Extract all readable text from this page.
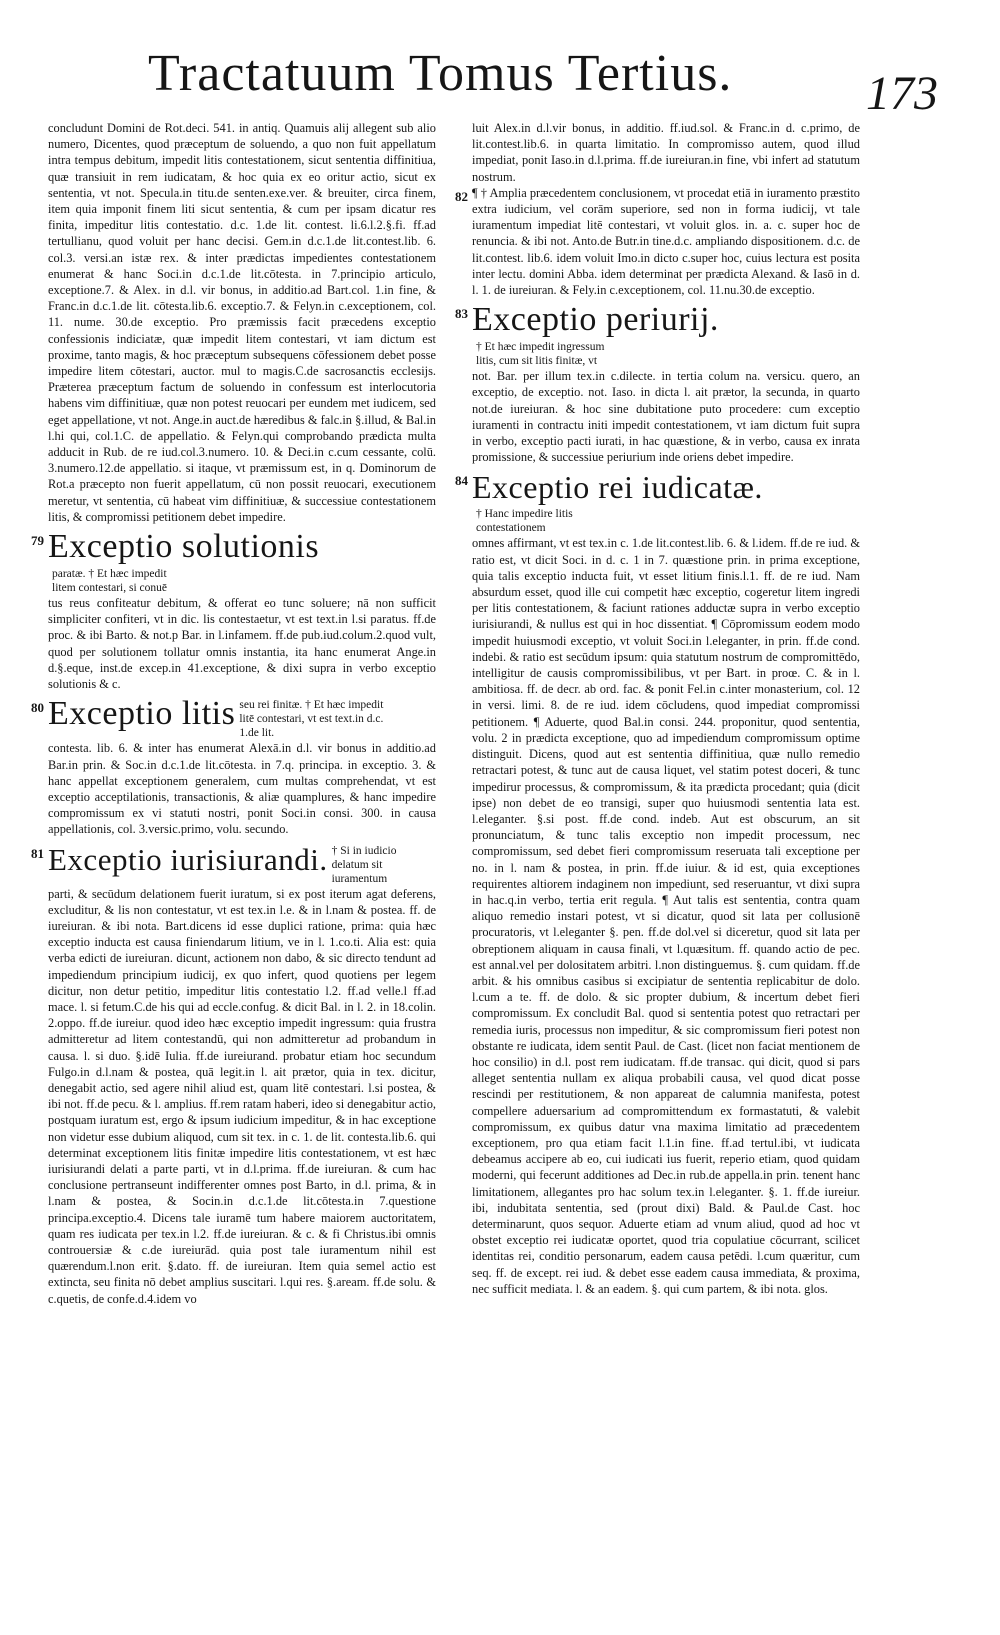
Tractatuum Tomus Tertius.	173

concludunt Domini de Rot.deci. 541. in antiq. Quamuis alij allegent sub alio numero, Dicentes, quod præceptum de soluendo, a quo non fuit appellatum intra tempus debitum, impedit litis contestationem, sicut sententia diffinitiua, quæ transiuit in rem iudicatam, & hoc quia ex eo oritur actio, sicut ex sententia, vt not. Specula.in titu.de senten.exe.ver. & breuiter, circa finem, item quia imponit finem liti sicut sententia, & cum per ipsam dicatur res finita, impeditur litis contestatio. d.c. 1.de lit. contest. li.6.l.2.§.fi. ff.ad tertullianu, quod voluit per hanc decisi. Gem.in d.c.1.de lit.contest.lib. 6. col.3. versi.an istæ rex. & inter prædictas impedientes contestationem enumerat & hanc Soci.in d.c.1.de lit.cōtesta. in 7.principio articulo, exceptione.7. & Alex. in d.l. vir bonus, in additio.ad Bart.col. 1.in fine, & Franc.in d.c.1.de lit. cōtesta.lib.6. exceptio.7. & Felyn.in c.exceptionem, col. 11. nume. 30.de exceptio. Pro præmissis facit præcedens exceptio confessionis indiciatæ, quæ impedit litem contestari, vt iam dictum est proxime, tanto magis, & hoc præceptum subsequens cōfessionem debet posse impedire litem cōtestari, auctor. mul to magis.C.de sacrosanctis ecclesijs. Præterea præceptum factum de soluendo in confessum est interlocutoria habens vim diffinitiuæ, quæ non potest reuocari per eundem met iudicem, sed eget appellatione, vt not. Ange.in auct.de hæredibus & falc.in §.illud, & Bal.in l.hi qui, col.1.C. de appellatio. & Felyn.qui comprobando prædicta multa adducit in Rub. de re iud.col.3.numero. 10. & Deci.in c.cum cessante, colū. 3.numero.12.de appellatio. si itaque, vt præmissum est, in q. Dominorum de Rot.a præcepto non fuerit appellatum, cū non possit reuocari, executionem meretur, vt sententia, cū habeat vim diffinitiuæ, & successiue contestationem litis, & compromissi petitionem debet impedire.

79 Exceptio solutionisparatæ. † Et hæc impedit litem contestari, si conuē

tus reus confiteatur debitum, & offerat eo tunc soluere; nā non sufficit simpliciter confiteri, vt in dic. lis contestaetur, vt est text.in l.si paratus. ff.de proc. & ibi Barto. & not.p Bar. in l.infamem. ff.de pub.iud.colum.2.quod vult, quod per solutionem tollatur omnis instantia, ita hanc enumerat Ange.in d.§.eque, inst.de excep.in 41.exceptione, & dixi supra in verbo exceptio solutionis & c.

80 Exceptio litis seu rei finitæ. † Et hæc impedit litē contestari, vt est text.in d.c. 1.de lit.

contesta. lib. 6. & inter has enumerat Alexā.in d.l. vir bonus in additio.ad Bar.in prin. & Soc.in d.c.1.de lit.cōtesta. in 7.q. principa. in exceptio. 3. & hanc appellat exceptionem generalem, cum multas comprehendat, vt est exceptio acceptilationis, transactionis, & aliæ quamplures, & hanc impedire compromissum ex vi statuti nostri, ponit Soci.in consi. 300. in causa appellationis, col. 3.versic.primo, volu. secundo.

81 Exceptio iurisiurandi. † Si in iudicio delatum sit iuramentum

parti, & secūdum delationem fuerit iuratum, si ex post iterum agat deferens, excluditur, & lis non contestatur, vt est tex.in l.e. & in l.nam & postea. ff. de iureiuran. & ibi nota. Bart.dicens id esse duplici ratione, prima: quia hæc exceptio inducta est causa finiendarum litium, ve in l. 1.co.ti. Alia est: quia verba edicti de iureiuran. dicunt, actionem non dabo, & sic directo tendunt ad impediendum principium iudicij, ex quo infert, quod quotiens per legem dicitur, non detur petitio, impeditur litis contestatio l.2. ff.ad velle.l ff.ad mace. l. si fetum.C.de his qui ad eccle.confug. & dicit Bal. in l. 2. in 18.colin. 2.oppo. ff.de iureiur. quod ideo hæc exceptio impedit ingressum: quia frustra admitteretur ad litem contestandū, qui non admitteretur ad probandum in causa. l. si duo. §.idē Iulia. ff.de iureiurand. probatur etiam hoc secundum Fulgo.in d.l.nam & postea, quā legit.in l. ait prætor, quia in tex. dicitur, denegabit actio, sed agere nihil aliud est, quam litē contestari. l.si postea, & ibi not. ff.de pecu. & l. amplius. ff.rem ratam haberi, ideo si denegabitur actio, postquam iuratum est, ergo & ipsum iudicium impeditur, & in hac exceptione non videtur esse dubium aliquod, cum sit tex. in c. 1. de lit. contesta.lib.6. qui determinat exceptionem litis finitæ impedire litis contestationem, vt est hæc iurisiurandi delati a parte parti, vt in d.l.prima. ff.de iureiuran. & cum hac conclusione pertranseunt indifferenter omnes post Barto, in d.l. prima, & in l.nam & postea, & Socin.in d.c.1.de lit.cōtesta.in 7.questione principa.exceptio.4. Dicens tale iuramē tum habere maiorem auctoritatem, quam res iudicata per tex.in l.2. ff.de iureiuran. & c. & fi Christus.ibi omnis controuersiæ & c.de iureiurād. quia post tale iuramentum nihil est quærendum.l.non erit. §.dato. ff. de iureiuran. Item quia semel actio est extincta, seu finita nō debet amplius suscitari. l.qui res. §.aream. ff.de solu. & c.quetis, de confe.d.4.idem vo

luit Alex.in d.l.vir bonus, in additio. ff.iud.sol. & Franc.in d. c.primo, de lit.contest.lib.6. in quarta limitatio. In compromisso autem, quod illud impediat, ponit Iaso.in d.l.prima. ff.de iureiuran.in fine, vbi infert ad statutum nostrum.

82 ¶ † Amplia præcedentem conclusionem, vt procedat etiā in iuramento præstito extra iudicium, vel corām superiore, sed non in forma iudicij, vt tale iuramentum impediat litē contestari, vt voluit glos. in. a. c. super hoc de renuncia. & ibi not. Anto.de Butr.in tine.d.c. ampliando dispositionem. d.c. de lit.contest. lib.6. idem voluit Imo.in dicto c.super hoc, cuius lectura est posita inter lectu. domini Abba. idem determinat per prædicta Alexand. & Iasō in d. l. 1. de iureiuran. & Fely.in c.exceptionem, col. 11.nu.30.de exceptio.

83 Exceptio periurij.† Et hæc impedit ingressum litis, cum sit litis finitæ, vt

not. Bar. per illum tex.in c.dilecte. in tertia colum na. versicu. quero, an exceptio, de exceptio. not. Iaso. in dicta l. ait prætor, la secunda, in quarto not.de iureiuran. & hoc sine dubitatione puto procedere: cum exceptio iuramenti in contractu initi impedit contestationem, vt iam dictum fuit supra in verbo, exceptio pacti iurati, in hac quæstione, & in verbo, causa ex inrata promissione, & successiue periurium inde oriens debet impedire.

84 Exceptio rei iudicatæ.† Hanc impedire litis contestationem

omnes affirmant, vt est tex.in c. 1.de lit.contest.lib. 6. & l.idem. ff.de re iud. & ratio est, vt dicit Soci. in d. c. 1 in 7. quæstione prin. in prima exceptione, quia talis exceptio inducta fuit, vt esset litium finis.l.1. ff. de re iud. Nam absurdum esset, quod ille cui competit hæc exceptio, cogeretur litem ingredi per litis contestationem, & faciunt rationes adductæ supra in verbo exceptio iurisiurandi, & nullus est qui in hoc dissentiat. ¶ Cōpromissum eodem modo impedit huiusmodi exceptio, vt voluit Soci.in l.eleganter, in prin. ff.de cond. indebi. & ratio est secūdum ipsum: quia statutum nostrum de compromittēdo, intelligitur de causis compromissibilibus, vt per Bart. in proœ. C. & in l. ambitiosa. ff. de decr. ab ord. fac. & ponit Fel.in c.inter monasterium, col. 12 in versi. limi. 8. de re iud. idem cōcludens, quod impediat compromissi petitionem. ¶ Aduerte, quod Bal.in consi. 244. proponitur, quod sententia, volu. 2 in prædicta exceptione, quo ad impediendum compromissum optime distinguit. Dicens, quod aut est sententia diffinitiua, quæ nullo remedio retractari potest, & tunc aut de causa liquet, vel statim potest doceri, & tunc impedirur processus, & compromissum, & ita prædicta procedant; quia (dicit ipse) non debet de eo transigi, super quo huiusmodi sententia lata est. l.eleganter. §.si post. ff.de cond. indeb. Aut est obscurum, an sit pronunciatum, & tunc talis exceptio non impedit processum, nec compromissum, sed debet fieri compromissum reseruata tali exceptione per no. in l. nam & postea, in prin. ff.de iuiur. & id est, quia exceptiones requirentes altiorem indaginem non impediunt, sed reseruantur, vt dixi supra in hac.q.in verbo, tertia erit regula. ¶ Aut talis est sententia, contra quam aliquo remedio instari potest, vt si dicatur, quod sit lata per collusionē procuratoris, vt l.eleganter §. pen. ff.de dol.vel si diceretur, quod sit lata per obreptionem aliquam in causa finali, vt l.quæsitum. ff. quando actio de pec. est annal.vel per dolositatem arbitri. l.non distinguemus. §. cum quidam. ff.de arbit. & his omnibus casibus si excipiatur de sententia replicabitur de dolo. l.cum a te. ff. de dolo. & sic propter dubium, & incertum debet fieri compromissum. Ex concludit Bal. quod si sententia potest quo retractari per remedia iuris, processus non impeditur, & sic compromissum fieri potest non obstante re iudicata, idem sentit Paul. de Cast. (licet non faciat mentionem de hoc consilio) in d.l. post rem iudicatam. ff.de transac. qui dicit, quod si pars alleget sententia nullam ex aliqua probabili causa, vel quod dicat posse rescindi per restitutionem, & non appareat de calumnia manifesta, potest compellere aduersarium ad compromittendum ex formastatuti, & valebit compromissum, ex quibus datur vna maxima limitatio ad præcedentem exceptionem, pro qua etiam facit l.1.in fine. ff.ad tertul.ibi, vt iudicata debeamus accipere ab eo, cui iudicati ius fuerit, reperio etiam, quod quidam moderni, qui fecerunt additiones ad Dec.in rub.de appella.in prin. tenent hanc limitationem, allegantes pro hac solum tex.in l.eleganter. §. 1. ff.de iureiur. ibi, indubitata sententia, sed (prout dixi) Bald. & Paul.de Cast. hoc determinarunt, quos sequor. Aduerte etiam ad vnum aliud, quod ad hoc vt obstet exceptio rei iudicatæ oportet, quod tria copulatiue cōcurrant, scilicet identitas rei, conditio personarum, eadem causa petēdi. l.cum quæritur, cum seq. ff. de except. rei iud. & debet esse eadem causa immediata, & proxima, nec sufficit mediata. l. & an eadem. §. qui cum partem, & ibi nota. glos.
